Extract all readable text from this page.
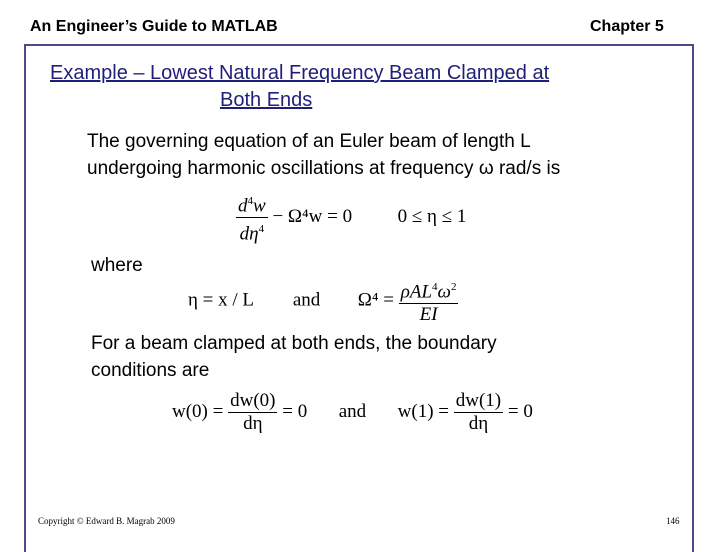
An Engineer’s Guide to MATLAB	Chapter 5
Example – Lowest Natural Frequency Beam Clamped at
Both Ends
The governing equation of an Euler beam of length L
undergoing harmonic oscillations at frequency ω rad/s is
$\frac{d^4w}{d\eta^4} - \Omega^4w = 0$ 0 ≤ η ≤ 1
where
η = x / L and $\Omega^4 = \frac{\rho AL^4\omega^2}{EI}$
For a beam clamped at both ends, the boundary
conditions are
$w(0) = \frac{dw(0)}{d\eta} = 0$ and $w(1) = \frac{dw(1)}{d\eta} = 0$
Copyright © Edward B. Magrab 2009	146
